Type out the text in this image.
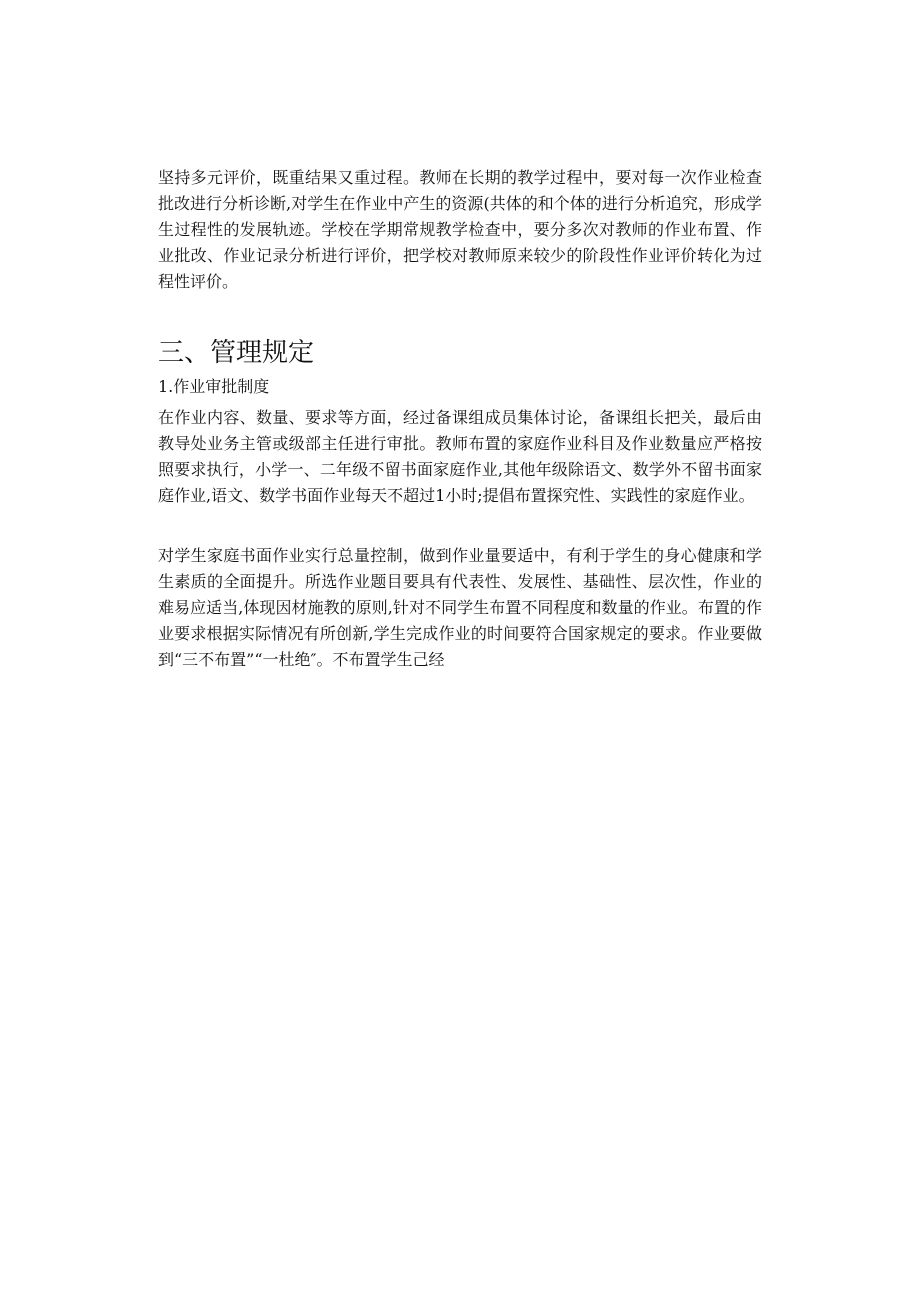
坚持多元评价，既重结果又重过程。教师在长期的教学过程中，要对每一次作业检查批改进行分析诊断,对学生在作业中产生的资源(共体的和个体的进行分析追究，形成学生过程性的发展轨迹。学校在学期常规教学检查中，要分多次对教师的作业布置、作业批改、作业记录分析进行评价，把学校对教师原来较少的阶段性作业评价转化为过程性评价。

三、管理规定

1.作业审批制度

在作业内容、数量、要求等方面，经过备课组成员集体讨论，备课组长把关，最后由教导处业务主管或级部主任进行审批。教师布置的家庭作业科目及作业数量应严格按照要求执行，小学一、二年级不留书面家庭作业,其他年级除语文、数学外不留书面家庭作业,语文、数学书面作业每天不超过1小时;提倡布置探究性、实践性的家庭作业。

对学生家庭书面作业实行总量控制，做到作业量要适中，有利于学生的身心健康和学生素质的全面提升。所选作业题目要具有代表性、发展性、基础性、层次性，作业的难易应适当,体现因材施教的原则,针对不同学生布置不同程度和数量的作业。布置的作业要求根据实际情况有所创新,学生完成作业的时间要符合国家规定的要求。作业要做到“三不布置”“一杜绝″。不布置学生己经
